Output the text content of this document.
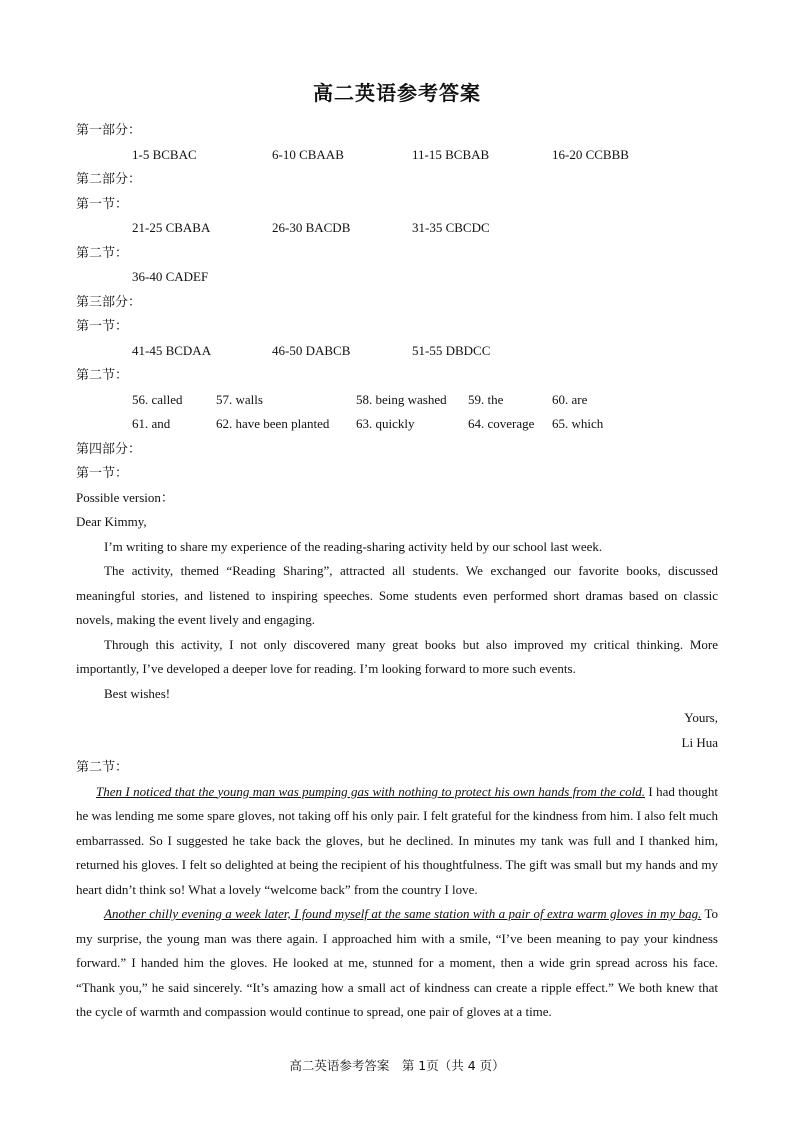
高二英语参考答案
第一部分：
1-5 BCBAC	6-10 CBAAB	11-15 BCBAB	16-20 CCBBB
第二部分：
第一节：
21-25 CBABA	26-30 BACDB	31-35 CBCDC
第二节：
36-40 CADEF
第三部分：
第一节：
41-45 BCDAA	46-50 DABCB	51-55 DBDCC
第二节：
56. called	57. walls	58. being washed 59. the	60. are
61. and	62. have been planted 63. quickly	64. coverage 65. which
第四部分：
第一节：
Possible version：
Dear Kimmy,

I’m writing to share my experience of the reading-sharing activity held by our school last week.

The activity, themed “Reading Sharing”, attracted all students. We exchanged our favorite books, discussed meaningful stories, and listened to inspiring speeches. Some students even performed short dramas based on classic novels, making the event lively and engaging.

Through this activity, I not only discovered many great books but also improved my critical thinking. More importantly, I’ve developed a deeper love for reading. I’m looking forward to more such events.

Best wishes!

Yours,
Li Hua
第二节：

Then I noticed that the young man was pumping gas with nothing to protect his own hands from the cold. I had thought he was lending me some spare gloves, not taking off his only pair. I felt grateful for the kindness from him. I also felt much embarrassed. So I suggested he take back the gloves, but he declined. In minutes my tank was full and I thanked him, returned his gloves. I felt so delighted at being the recipient of his thoughtfulness. The gift was small but my hands and my heart didn’t think so! What a lovely “welcome back” from the country I love.

Another chilly evening a week later, I found myself at the same station with a pair of extra warm gloves in my bag. To my surprise, the young man was there again. I approached him with a smile, “I’ve been meaning to pay your kindness forward.” I handed him the gloves. He looked at me, stunned for a moment, then a wide grin spread across his face. “Thank you,” he said sincerely. “It’s amazing how a small act of kindness can create a ripple effect.” We both knew that the cycle of warmth and compassion would continue to spread, one pair of gloves at a time.

高二英语参考答案　第 1页（共 4 页）
